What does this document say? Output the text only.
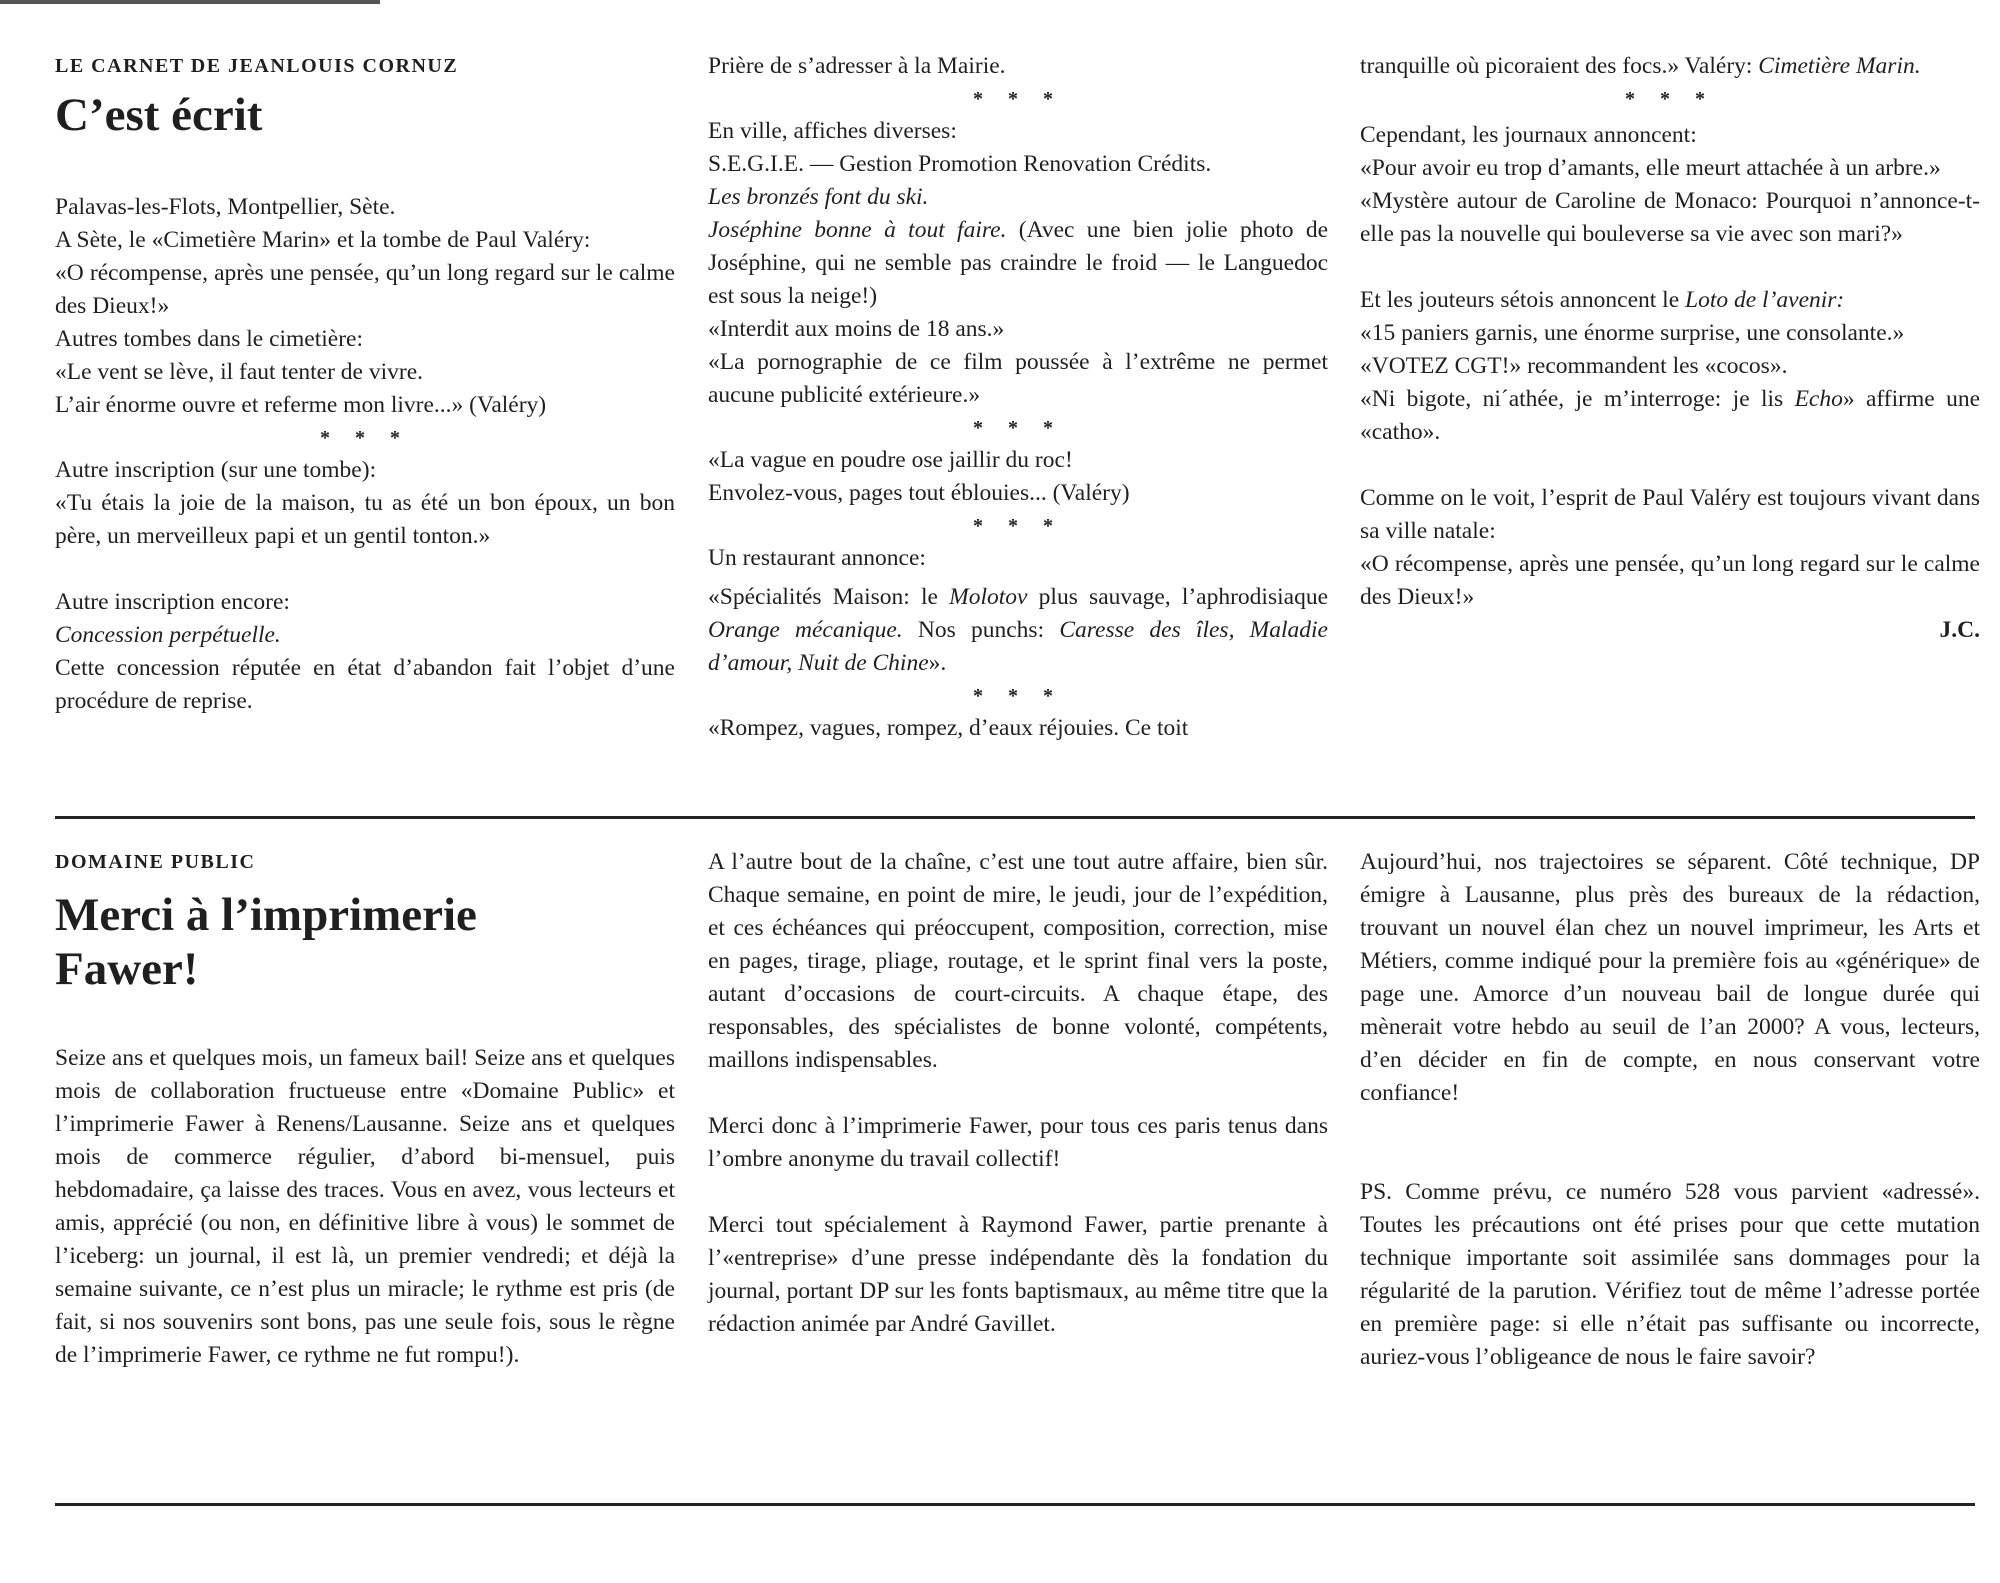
LE CARNET DE JEANLOUIS CORNUZ
C’est écrit

Palavas-les-Flots, Montpellier, Sète.

A Sète, le «Cimetière Marin» et la tombe de Paul Valéry:

«O récompense, après une pensée, qu’un long regard sur le calme des Dieux!»

Autres tombes dans le cimetière:

«Le vent se lève, il faut tenter de vivre.

L’air énorme ouvre et referme mon livre...» (Valéry)

* * *

Autre inscription (sur une tombe):

«Tu étais la joie de la maison, tu as été un bon époux, un bon père, un merveilleux papi et un gentil tonton.»

Autre inscription encore:

Concession perpétuelle.

Cette concession réputée en état d’abandon fait l’objet d’une procédure de reprise.

Prière de s’adresser à la Mairie.

* * *

En ville, affiches diverses:

S.E.G.I.E. — Gestion Promotion Renovation Crédits.

Les bronzés font du ski.

Joséphine bonne à tout faire. (Avec une bien jolie photo de Joséphine, qui ne semble pas craindre le froid — le Languedoc est sous la neige!)

«Interdit aux moins de 18 ans.»

«La pornographie de ce film poussée à l’extrême ne permet aucune publicité extérieure.»

* * *

«La vague en poudre ose jaillir du roc!

Envolez-vous, pages tout éblouies... (Valéry)

* * *

Un restaurant annonce:

«Spécialités Maison: le Molotov plus sauvage, l’aphrodisiaque Orange mécanique. Nos punchs: Caresse des îles, Maladie d’amour, Nuit de Chine».

* * *

«Rompez, vagues, rompez, d’eaux réjouies. Ce toit

tranquille où picoraient des focs.» Valéry: Cimetière Marin.

* * *

Cependant, les journaux annoncent:

«Pour avoir eu trop d’amants, elle meurt attachée à un arbre.»

«Mystère autour de Caroline de Monaco: Pourquoi n’annonce-t-elle pas la nouvelle qui bouleverse sa vie avec son mari?»

Et les jouteurs sétois annoncent le Loto de l’avenir:

«15 paniers garnis, une énorme surprise, une consolante.»

«VOTEZ CGT!» recommandent les «cocos».

«Ni bigote, ni´athée, je m’interroge: je lis Echo» affirme une «catho».

Comme on le voit, l’esprit de Paul Valéry est toujours vivant dans sa ville natale:

«O récompense, après une pensée, qu’un long regard sur le calme des Dieux!»

J.C.

DOMAINE PUBLIC
Merci à l’imprimerie
Fawer!

Seize ans et quelques mois, un fameux bail! Seize ans et quelques mois de collaboration fructueuse entre «Domaine Public» et l’imprimerie Fawer à Renens/Lausanne. Seize ans et quelques mois de commerce régulier, d’abord bi-mensuel, puis hebdomadaire, ça laisse des traces. Vous en avez, vous lecteurs et amis, apprécié (ou non, en définitive libre à vous) le sommet de l’iceberg: un journal, il est là, un premier vendredi; et déjà la semaine suivante, ce n’est plus un miracle; le rythme est pris (de fait, si nos souvenirs sont bons, pas une seule fois, sous le règne de l’imprimerie Fawer, ce rythme ne fut rompu!).

A l’autre bout de la chaîne, c’est une tout autre affaire, bien sûr. Chaque semaine, en point de mire, le jeudi, jour de l’expédition, et ces échéances qui préoccupent, composition, correction, mise en pages, tirage, pliage, routage, et le sprint final vers la poste, autant d’occasions de court-circuits. A chaque étape, des responsables, des spécialistes de bonne volonté, compétents, maillons indispensables.

Merci donc à l’imprimerie Fawer, pour tous ces paris tenus dans l’ombre anonyme du travail collectif!

Merci tout spécialement à Raymond Fawer, partie prenante à l’«entreprise» d’une presse indépendante dès la fondation du journal, portant DP sur les fonts baptismaux, au même titre que la rédaction animée par André Gavillet.

Aujourd’hui, nos trajectoires se séparent. Côté technique, DP émigre à Lausanne, plus près des bureaux de la rédaction, trouvant un nouvel élan chez un nouvel imprimeur, les Arts et Métiers, comme indiqué pour la première fois au «générique» de page une. Amorce d’un nouveau bail de longue durée qui mènerait votre hebdo au seuil de l’an 2000? A vous, lecteurs, d’en décider en fin de compte, en nous conservant votre confiance!

PS. Comme prévu, ce numéro 528 vous parvient «adressé». Toutes les précautions ont été prises pour que cette mutation technique importante soit assimilée sans dommages pour la régularité de la parution. Vérifiez tout de même l’adresse portée en première page: si elle n’était pas suffisante ou incorrecte, auriez-vous l’obligeance de nous le faire savoir?
